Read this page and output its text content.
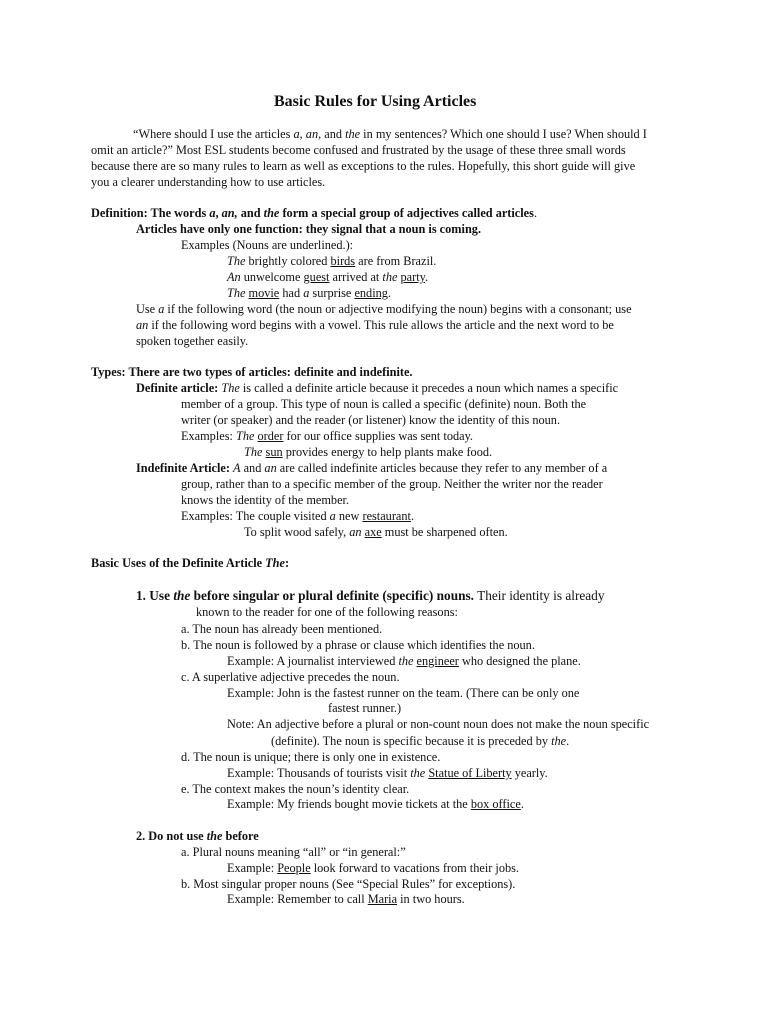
Basic Rules for Using Articles
“Where should I use the articles a, an, and the in my sentences? Which one should I use? When should I
omit an article?” Most ESL students become confused and frustrated by the usage of these three small words
because there are so many rules to learn as well as exceptions to the rules. Hopefully, this short guide will give
you a clearer understanding how to use articles.
Definition: The words a, an, and the form a special group of adjectives called articles.
Articles have only one function: they signal that a noun is coming.
Examples (Nouns are underlined.):
The brightly colored birds are from Brazil.
An unwelcome guest arrived at the party.
The movie had a surprise ending.
Use a if the following word (the noun or adjective modifying the noun) begins with a consonant; use
an if the following word begins with a vowel. This rule allows the article and the next word to be
spoken together easily.
Types: There are two types of articles: definite and indefinite.
Definite article: The is called a definite article because it precedes a noun which names a specific
member of a group. This type of noun is called a specific (definite) noun. Both the
writer (or speaker) and the reader (or listener) know the identity of this noun.
Examples: The order for our office supplies was sent today.
The sun provides energy to help plants make food.
Indefinite Article: A and an are called indefinite articles because they refer to any member of a
group, rather than to a specific member of the group. Neither the writer nor the reader
knows the identity of the member.
Examples: The couple visited a new restaurant.
To split wood safely, an axe must be sharpened often.
Basic Uses of the Definite Article The:
1. Use the before singular or plural definite (specific) nouns. Their identity is already
known to the reader for one of the following reasons:
a. The noun has already been mentioned.
b. The noun is followed by a phrase or clause which identifies the noun.
Example: A journalist interviewed the engineer who designed the plane.
c. A superlative adjective precedes the noun.
Example: John is the fastest runner on the team. (There can be only one
fastest runner.)
Note: An adjective before a plural or non-count noun does not make the noun specific
(definite). The noun is specific because it is preceded by the.
d. The noun is unique; there is only one in existence.
Example: Thousands of tourists visit the Statue of Liberty yearly.
e. The context makes the noun’s identity clear.
Example: My friends bought movie tickets at the box office.
2. Do not use the before
a. Plural nouns meaning “all” or “in general:”
Example: People look forward to vacations from their jobs.
b. Most singular proper nouns (See “Special Rules” for exceptions).
Example: Remember to call Maria in two hours.
